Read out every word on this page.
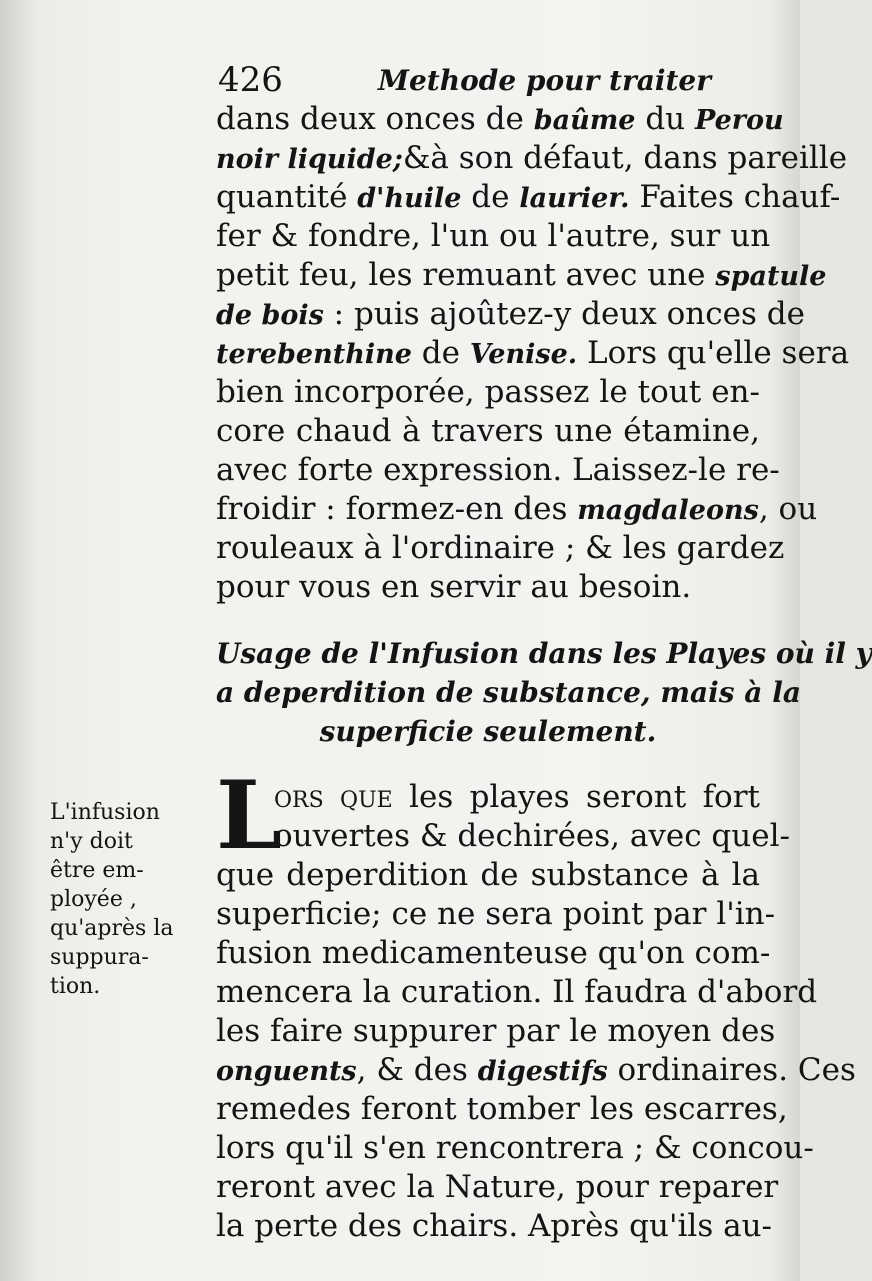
426	Methode pour traiter
dans deux onces de baûme du Perou
noir liquide;&à son défaut, dans pareille
quantité d'huile de laurier. Faites chauf-
fer & fondre, l'un ou l'autre, sur un
petit feu, les remuant avec une spatule
de bois : puis ajoûtez-y deux onces de
terebenthine de Venise. Lors qu'elle sera
bien incorporée, passez le tout en-
core chaud à travers une étamine,
avec forte expression. Laissez-le re-
froidir : formez-en des magdaleons, ou
rouleaux à l'ordinaire ; & les gardez
pour vous en servir au besoin.
Usage de l'Infusion dans les Playes où il y
a deperdition de substance, mais à la
superficie seulement.
L
ors que les playes seront fort
ouvertes & dechirées, avec quel-
que deperdition de substance à la
superficie; ce ne sera point par l'in-
fusion medicamenteuse qu'on com-
mencera la curation. Il faudra d'abord
les faire suppurer par le moyen des
onguents, & des digestifs ordinaires. Ces
remedes feront tomber les escarres,
lors qu'il s'en rencontrera ; & concou-
reront avec la Nature, pour reparer
la perte des chairs. Après qu'ils au-
L'infusion
n'y doit
être em-
ployée ,
qu'après la
suppura-
tion.
